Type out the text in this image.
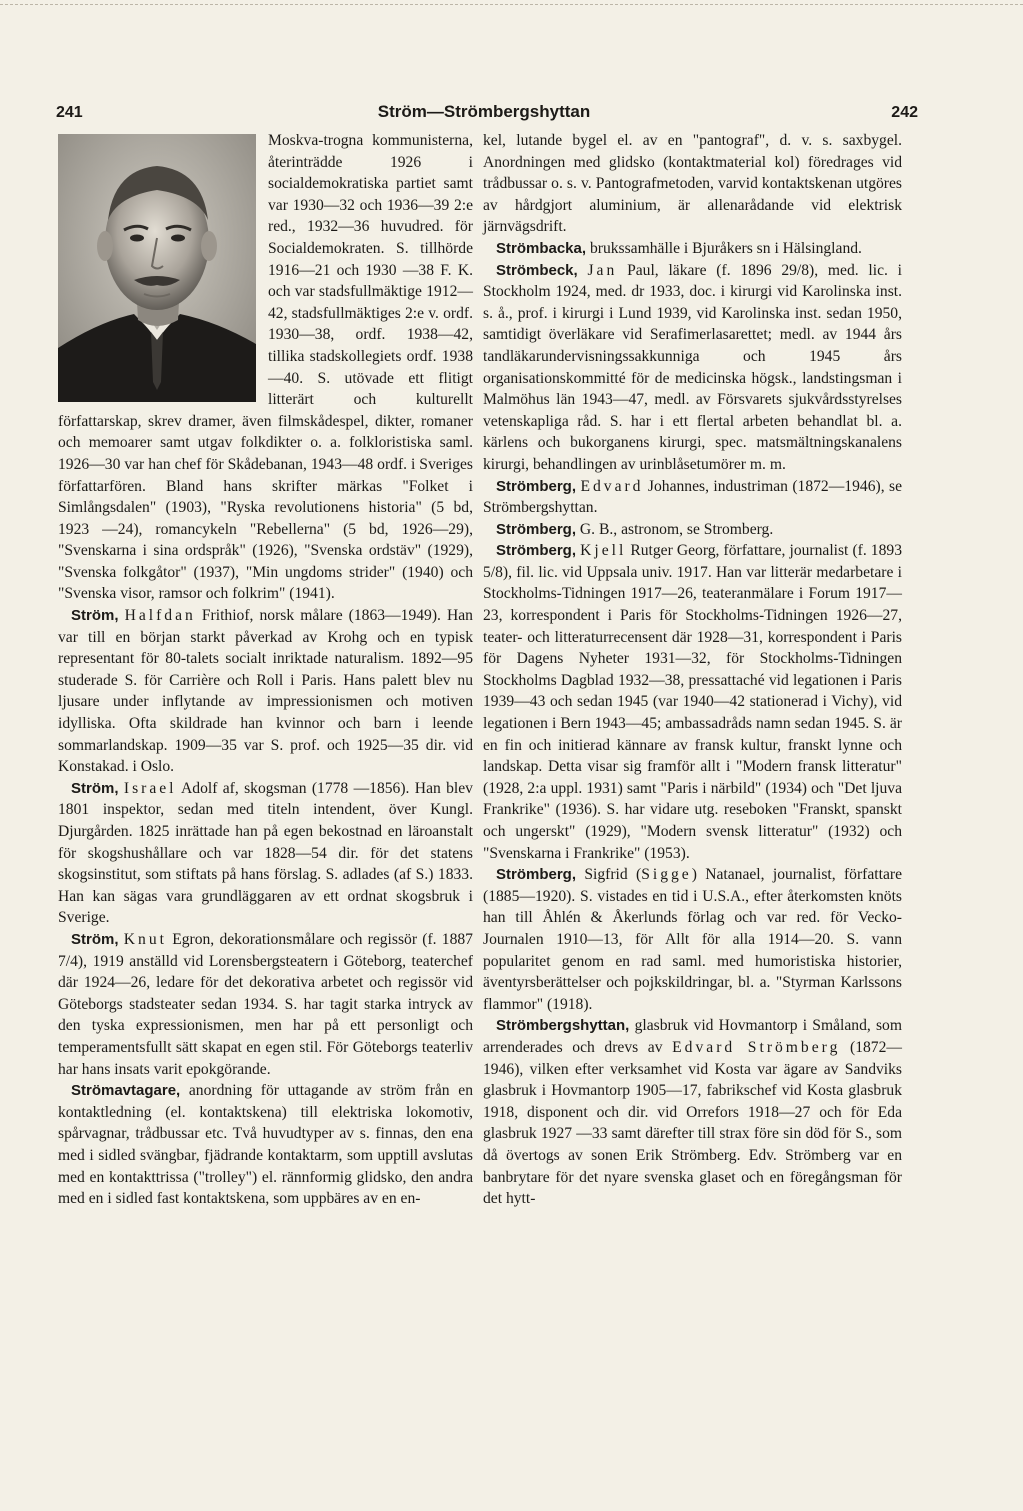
241	Ström—Strömbergshyttan	242

Moskva-trogna kommunisterna, återinträdde 1926 i socialdemokratiska partiet samt var 1930—32 och 1936—39 2:e red., 1932—36 huvudred. för Socialdemokraten. S. tillhörde 1916—21 och 1930 —38 F. K. och var stadsfullmäktige 1912—42, stadsfullmäktiges 2:e v. ordf. 1930—38, ordf. 1938—42, tillika stadskollegiets ordf. 1938—40. S. utövade ett flitigt litterärt och kulturellt författarskap, skrev dramer, även filmskådespel, dikter, romaner och memoarer samt utgav folkdikter o. a. folkloristiska saml. 1926—30 var han chef för Skådebanan, 1943—48 ordf. i Sveriges författarfören. Bland hans skrifter märkas "Folket i Simlångsdalen" (1903), "Ryska revolutionens historia" (5 bd, 1923 —24), romancykeln "Rebellerna" (5 bd, 1926—29), "Svenskarna i sina ordspråk" (1926), "Svenska ordstäv" (1929), "Svenska folkgåtor" (1937), "Min ungdoms strider" (1940) och "Svenska visor, ramsor och folkrim" (1941).

Ström, Halfdan Frithiof, norsk målare (1863—1949). Han var till en början starkt påverkad av Krohg och en typisk representant för 80-talets socialt inriktade naturalism. 1892—95 studerade S. för Carrière och Roll i Paris. Hans palett blev nu ljusare under inflytande av impressionismen och motiven idylliska. Ofta skildrade han kvinnor och barn i leende sommarlandskap. 1909—35 var S. prof. och 1925—35 dir. vid Konstakad. i Oslo.

Ström, Israel Adolf af, skogsman (1778 —1856). Han blev 1801 inspektor, sedan med titeln intendent, över Kungl. Djurgården. 1825 inrättade han på egen bekostnad en läroanstalt för skogshushållare och var 1828—54 dir. för det statens skogsinstitut, som stiftats på hans förslag. S. adlades (af S.) 1833. Han kan sägas vara grundläggaren av ett ordnat skogsbruk i Sverige.

Ström, Knut Egron, dekorationsmålare och regissör (f. 1887 7/4), 1919 anställd vid Lorensbergsteatern i Göteborg, teaterchef där 1924—26, ledare för det dekorativa arbetet och regissör vid Göteborgs stadsteater sedan 1934. S. har tagit starka intryck av den tyska expressionismen, men har på ett personligt och temperamentsfullt sätt skapat en egen stil. För Göteborgs teaterliv har hans insats varit epokgörande.

Strömavtagare, anordning för uttagande av ström från en kontaktledning (el. kontaktskena) till elektriska lokomotiv, spårvagnar, trådbussar etc. Två huvudtyper av s. finnas, den ena med i sidled svängbar, fjädrande kontaktarm, som upptill avslutas med en kontakttrissa ("trolley") el. rännformig glidsko, den andra med en i sidled fast kontaktskena, som uppbäres av en en-

kel, lutande bygel el. av en "pantograf", d. v. s. saxbygel. Anordningen med glidsko (kontaktmaterial kol) föredrages vid trådbussar o. s. v. Pantografmetoden, varvid kontaktskenan utgöres av hårdgjort aluminium, är allenarådande vid elektrisk järnvägsdrift.

Strömbacka, brukssamhälle i Bjuråkers sn i Hälsingland.

Strömbeck, Jan Paul, läkare (f. 1896 29/8), med. lic. i Stockholm 1924, med. dr 1933, doc. i kirurgi vid Karolinska inst. s. å., prof. i kirurgi i Lund 1939, vid Karolinska inst. sedan 1950, samtidigt överläkare vid Serafimerlasarettet; medl. av 1944 års tandläkarundervisningssakkunniga och 1945 års organisationskommitté för de medicinska högsk., landstingsman i Malmöhus län 1943—47, medl. av Försvarets sjukvårdsstyrelses vetenskapliga råd. S. har i ett flertal arbeten behandlat bl. a. kärlens och bukorganens kirurgi, spec. matsmältningskanalens kirurgi, behandlingen av urinblåsetumörer m. m.

Strömberg, Edvard Johannes, industriman (1872—1946), se Strömbergshyttan.

Strömberg, G. B., astronom, se Stromberg.

Strömberg, Kjell Rutger Georg, författare, journalist (f. 1893 5/8), fil. lic. vid Uppsala univ. 1917. Han var litterär medarbetare i Stockholms-Tidningen 1917—26, teateranmälare i Forum 1917—23, korrespondent i Paris för Stockholms-Tidningen 1926—27, teater- och litteraturrecensent där 1928—31, korrespondent i Paris för Dagens Nyheter 1931—32, för Stockholms-Tidningen Stockholms Dagblad 1932—38, pressattaché vid legationen i Paris 1939—43 och sedan 1945 (var 1940—42 stationerad i Vichy), vid legationen i Bern 1943—45; ambassadråds namn sedan 1945. S. är en fin och initierad kännare av fransk kultur, franskt lynne och landskap. Detta visar sig framför allt i "Modern fransk litteratur" (1928, 2:a uppl. 1931) samt "Paris i närbild" (1934) och "Det ljuva Frankrike" (1936). S. har vidare utg. reseboken "Franskt, spanskt och ungerskt" (1929), "Modern svensk litteratur" (1932) och "Svenskarna i Frankrike" (1953).

Strömberg, Sigfrid (Sigge) Natanael, journalist, författare (1885—1920). S. vistades en tid i U.S.A., efter återkomsten knöts han till Åhlén & Åkerlunds förlag och var red. för Vecko-Journalen 1910—13, för Allt för alla 1914—20. S. vann popularitet genom en rad saml. med humoristiska historier, äventyrsberättelser och pojkskildringar, bl. a. "Styrman Karlssons flammor" (1918).

Strömbergshyttan, glasbruk vid Hovmantorp i Småland, som arrenderades och drevs av Edvard Strömberg (1872—1946), vilken efter verksamhet vid Kosta var ägare av Sandviks glasbruk i Hovmantorp 1905—17, fabrikschef vid Kosta glasbruk 1918, disponent och dir. vid Orrefors 1918—27 och för Eda glasbruk 1927 —33 samt därefter till strax före sin död för S., som då övertogs av sonen Erik Strömberg. Edv. Strömberg var en banbrytare för det nyare svenska glaset och en föregångsman för det hytt-
